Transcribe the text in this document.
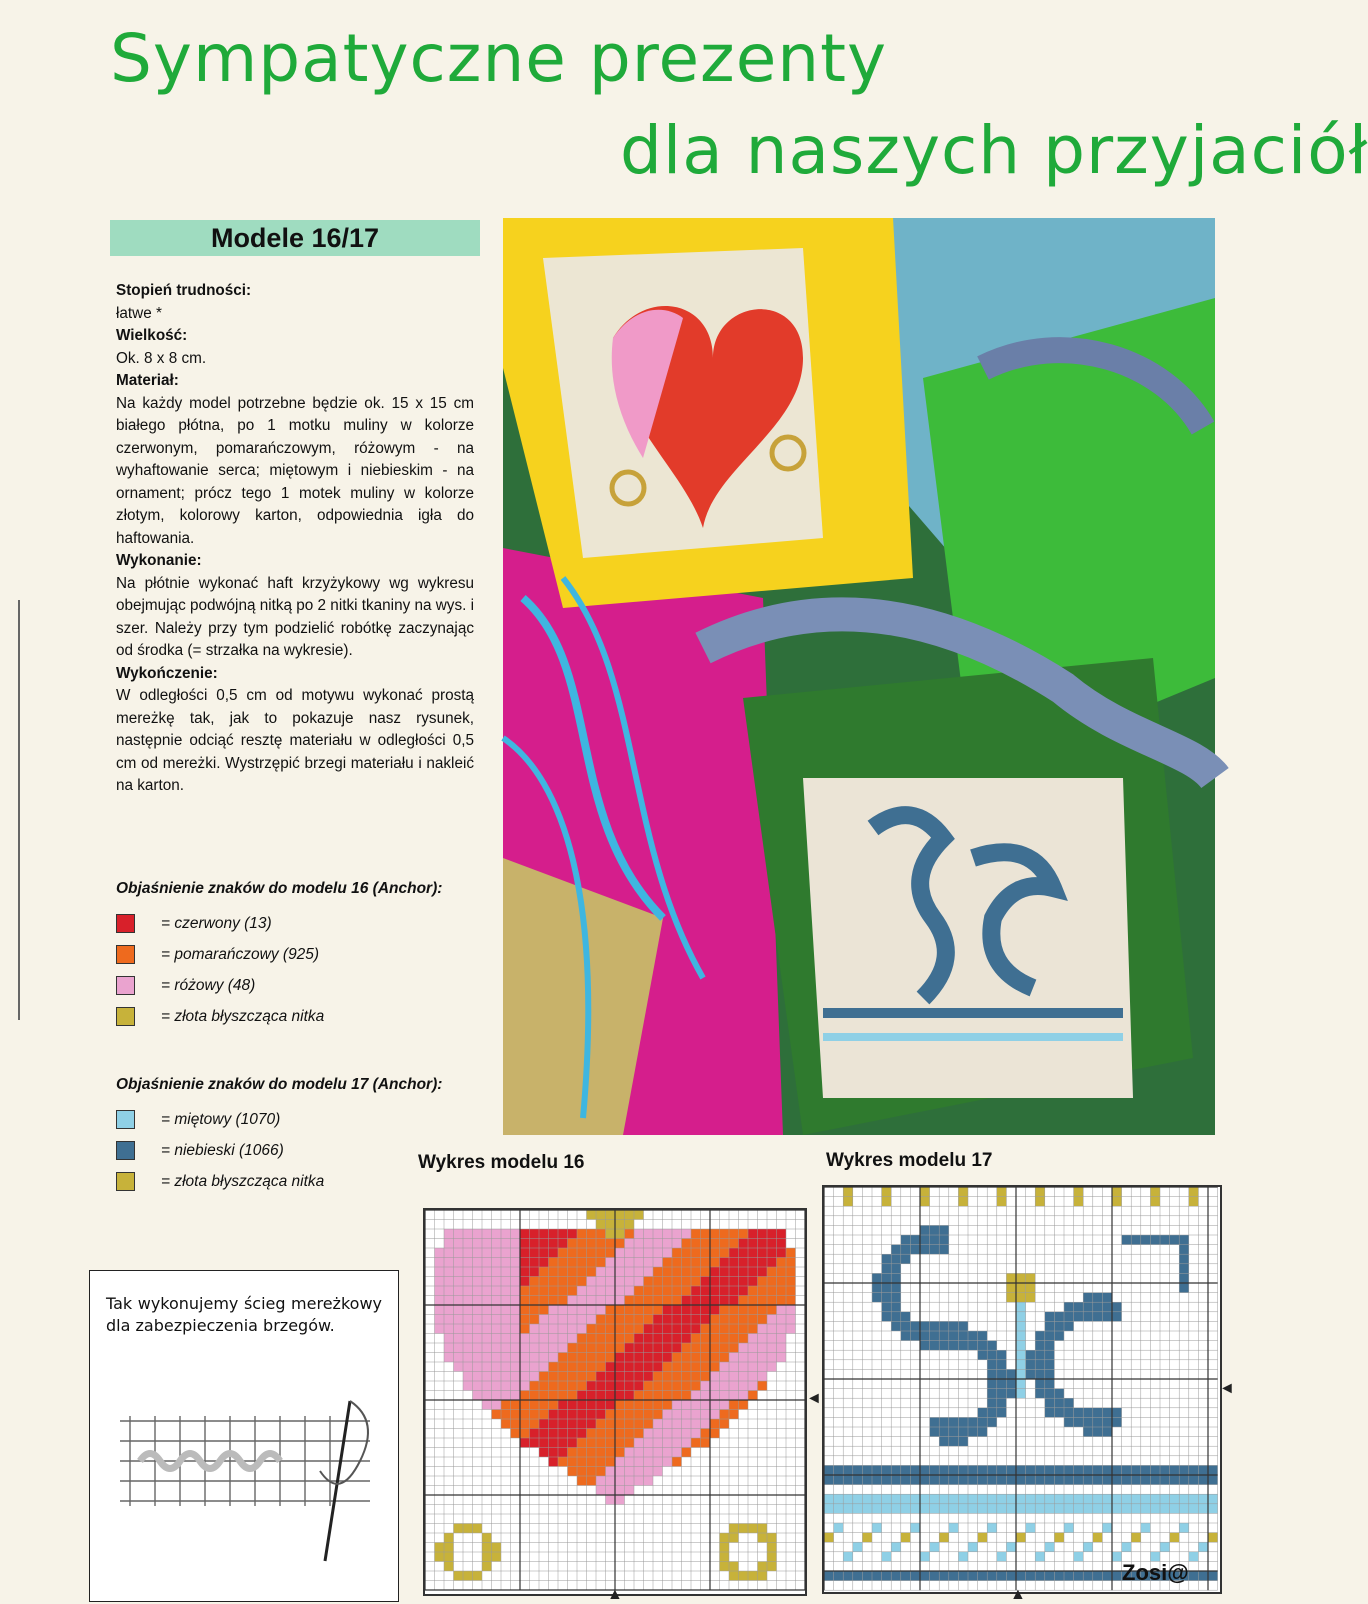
Sympatyczne prezenty
dla naszych przyjaciół
Modele 16/17
Stopień trudności:
łatwe *
Wielkość:
Ok. 8 x 8 cm.
Materiał:
Na każdy model potrzebne będzie ok. 15 x 15 cm białego płótna, po 1 motku muliny w kolorze czerwonym, pomarańczowym, różowym - na wyhaftowanie serca; miętowym i niebieskim - na ornament; prócz tego 1 motek muliny w kolorze złotym, kolorowy karton, odpowiednia igła do haftowania.
Wykonanie:
Na płótnie wykonać haft krzyżykowy wg wykresu obejmując podwójną nitką po 2 nitki tkaniny na wys. i szer. Należy przy tym podzielić robótkę zaczynając od środka (= strzałka na wykresie).
Wykończenie:
W odległości 0,5 cm od motywu wykonać prostą mereżkę tak, jak to pokazuje nasz rysunek, następnie odciąć resztę materiału w odległości 0,5 cm od mereżki. Wystrzępić brzegi materiału i nakleić na karton.
Objaśnienie znaków do modelu 16 (Anchor):
= czerwony (13)
= pomarańczowy (925)
= różowy (48)
= złota błyszcząca nitka
Objaśnienie znaków do modelu 17 (Anchor):
= miętowy (1070)
= niebieski (1066)
= złota błyszcząca nitka
Wykres modelu 16	Wykres modelu 17
◄
▲
◄
▲
Tak wykonujemy ścieg mereżkowy dla zabezpieczenia brzegów.
Zosi@
